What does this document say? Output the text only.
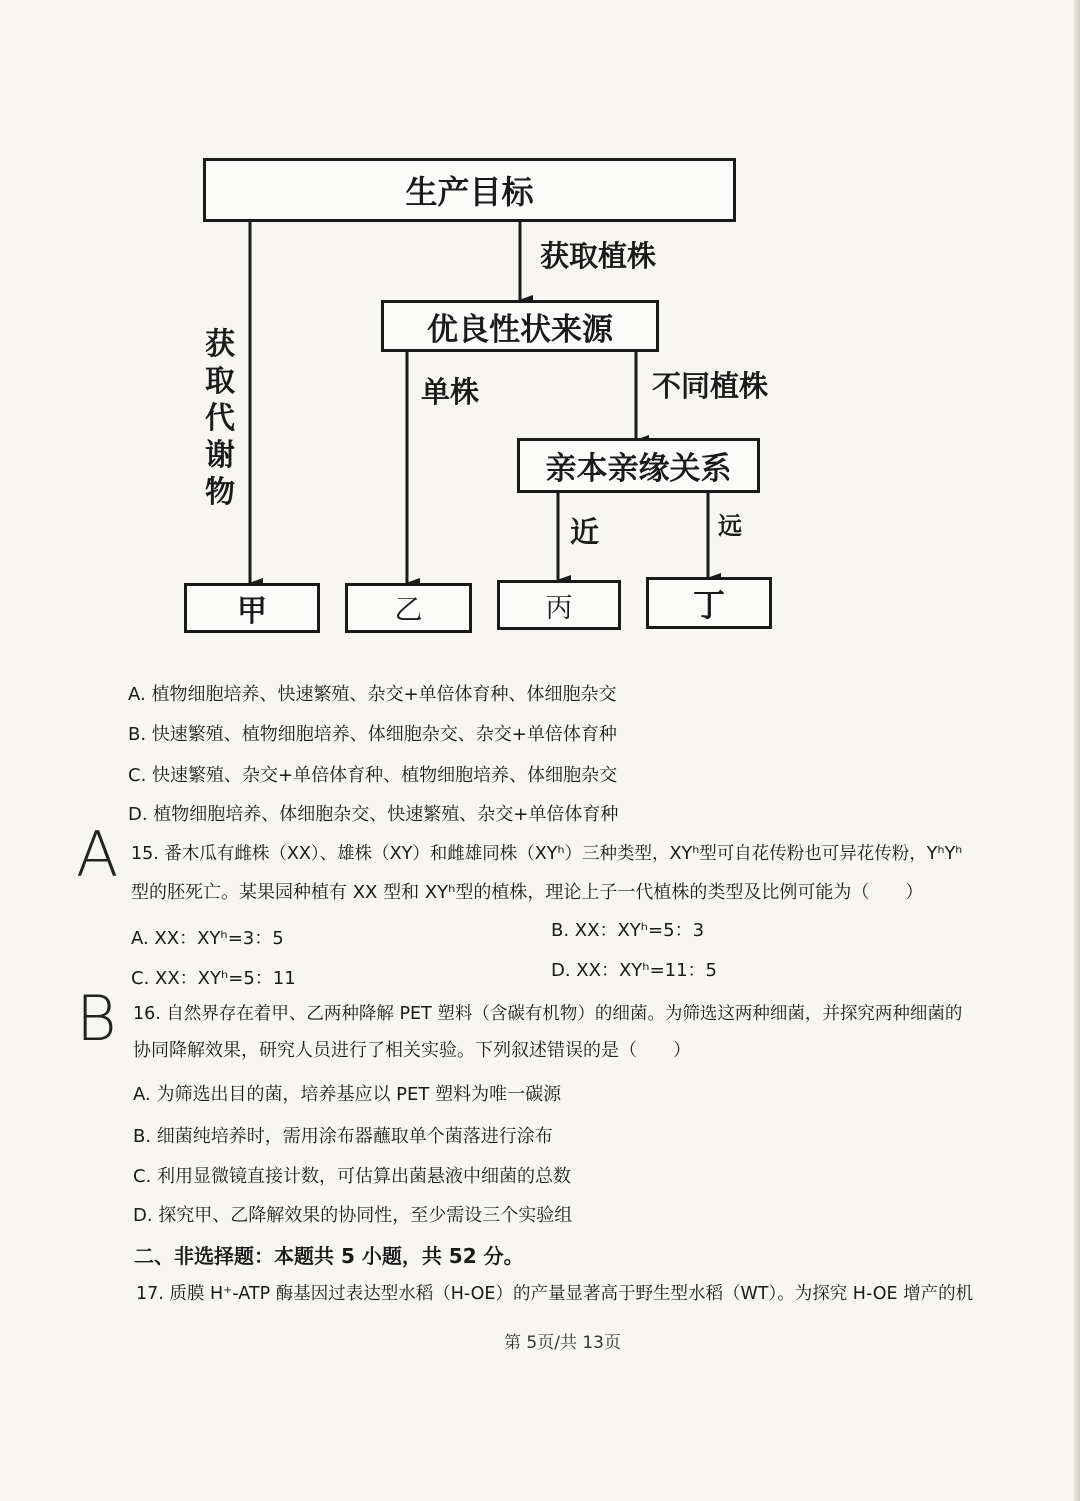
生产目标
获取植株
优良性状来源
获取代谢物
单株	不同植株
亲本亲缘关系
近	远
甲	乙	丙	丁
A. 植物细胞培养、快速繁殖、杂交+单倍体育种、体细胞杂交
B. 快速繁殖、植物细胞培养、体细胞杂交、杂交+单倍体育种
C. 快速繁殖、杂交+单倍体育种、植物细胞培养、体细胞杂交
D. 植物细胞培养、体细胞杂交、快速繁殖、杂交+单倍体育种
A
B
15. 番木瓜有雌株（XX）、雄株（XY）和雌雄同株（XYʰ）三种类型，XYʰ型可自花传粉也可异花传粉，YʰYʰ
型的胚死亡。某果园种植有 XX 型和 XYʰ型的植株，理论上子一代植株的类型及比例可能为（　　）
A. XX：XYʰ=3：5	B. XX：XYʰ=5：3
C. XX：XYʰ=5：11	D. XX：XYʰ=11：5
16. 自然界存在着甲、乙两种降解 PET 塑料（含碳有机物）的细菌。为筛选这两种细菌，并探究两种细菌的
协同降解效果，研究人员进行了相关实验。下列叙述错误的是（　　）
A. 为筛选出目的菌，培养基应以 PET 塑料为唯一碳源
B. 细菌纯培养时，需用涂布器蘸取单个菌落进行涂布
C. 利用显微镜直接计数，可估算出菌悬液中细菌的总数
D. 探究甲、乙降解效果的协同性，至少需设三个实验组
二、非选择题：本题共 5 小题，共 52 分。
17. 质膜 H⁺-ATP 酶基因过表达型水稻（H-OE）的产量显著高于野生型水稻（WT）。为探究 H-OE 增产的机
第 5页/共 13页
